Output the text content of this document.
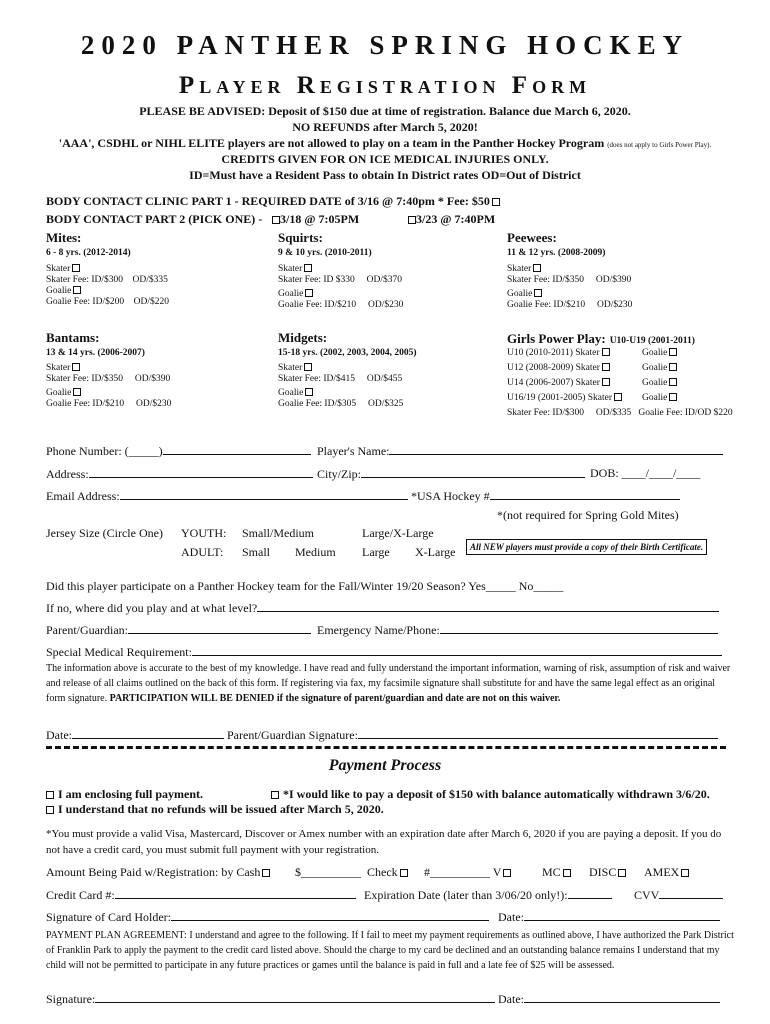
2020 PANTHER SPRING HOCKEY
Player Registration Form
PLEASE BE ADVISED: Deposit of $150 due at time of registration. Balance due March 6, 2020.
NO REFUNDS after March 5, 2020!
'AAA', CSDHL or NIHL ELITE players are not allowed to play on a team in the Panther Hockey Program (does not apply to Girls Power Play).
CREDITS GIVEN FOR ON ICE MEDICAL INJURIES ONLY.
ID=Must have a Resident Pass to obtain In District rates OD=Out of District
BODY CONTACT CLINIC PART 1 - REQUIRED DATE of 3/16 @ 7:40pm * Fee: $50
BODY CONTACT PART 2 (PICK ONE) -	3/18 @ 7:05PM	3/23 @ 7:40PM
Mites:
6 - 8 yrs. (2012-2014)
Skater
Skater Fee: ID/$300 OD/$335
Goalie
Goalie Fee: ID/$200 OD/$220
Squirts:
9 & 10 yrs. (2010-2011)
Skater
Skater Fee: ID $330 OD/$370
Goalie
Goalie Fee: ID/$210 OD/$230
Peewees:
11 & 12 yrs. (2008-2009)
Skater
Skater Fee: ID/$350 OD/$390
Goalie
Goalie Fee: ID/$210 OD/$230
Bantams:
13 & 14 yrs. (2006-2007)
Skater
Skater Fee: ID/$350 OD/$390
Goalie
Goalie Fee: ID/$210 OD/$230
Midgets:
15-18 yrs. (2002, 2003, 2004, 2005)
Skater
Skater Fee: ID/$415 OD/$455
Goalie
Goalie Fee: ID/$305 OD/$325
Girls Power Play: U10-U19 (2001-2011)
U10 (2010-2011) Skater	Goalie
U12 (2008-2009) Skater	Goalie
U14 (2006-2007) Skater	Goalie
U16/19 (2001-2005) Skater	Goalie
Skater Fee: ID/$300     OD/$335   Goalie Fee: ID/OD $220
Phone Number: (_____)	Player's Name:
Address:	City/Zip:	DOB: ____/____/____
Email Address:	*USA Hockey #
*(not required for Spring Gold Mites)
Jersey Size (Circle One) YOUTH: Small/Medium	Large/X-Large
ADULT: Small Medium Large X-Large	All NEW players must provide a copy of their Birth Certificate.
Did this player participate on a Panther Hockey team for the Fall/Winter 19/20 Season? Yes_____ No_____
If no, where did you play and at what level?
Parent/Guardian:	Emergency Name/Phone:
Special Medical Requirement:
The information above is accurate to the best of my knowledge. I have read and fully understand the important information, warning of risk, assumption of risk and waiver and release of all claims outlined on the back of this form. If registering via fax, my facsimile signature shall substitute for and have the same legal effect as an original form signature. PARTICIPATION WILL BE DENIED if the signature of parent/guardian and date are not on this waiver.
Date:	Parent/Guardian Signature:
Payment Process
I am enclosing full payment.	*I would like to pay a deposit of $150 with balance automatically withdrawn 3/6/20.
I understand that no refunds will be issued after March 5, 2020.
*You must provide a valid Visa, Mastercard, Discover or Amex number with an expiration date after March 6, 2020 if you are paying a deposit. If you do not have a credit card, you must submit full payment with your registration.
Amount Being Paid w/Registration: by Cash	$__________ Check	#__________ V	MC	DISC	AMEX
Credit Card #:	Expiration Date (later than 3/06/20 only!):	CVV
Signature of Card Holder:	Date:
PAYMENT PLAN AGREEMENT: I understand and agree to the following. If I fail to meet my payment requirements as outlined above, I have authorized the Park District of Franklin Park to apply the payment to the credit card listed above. Should the charge to my card be declined and an outstanding balance remains I understand that my child will not be permitted to participate in any future practices or games until the balance is paid in full and a late fee of $25 will be assessed.
Signature:	Date:
